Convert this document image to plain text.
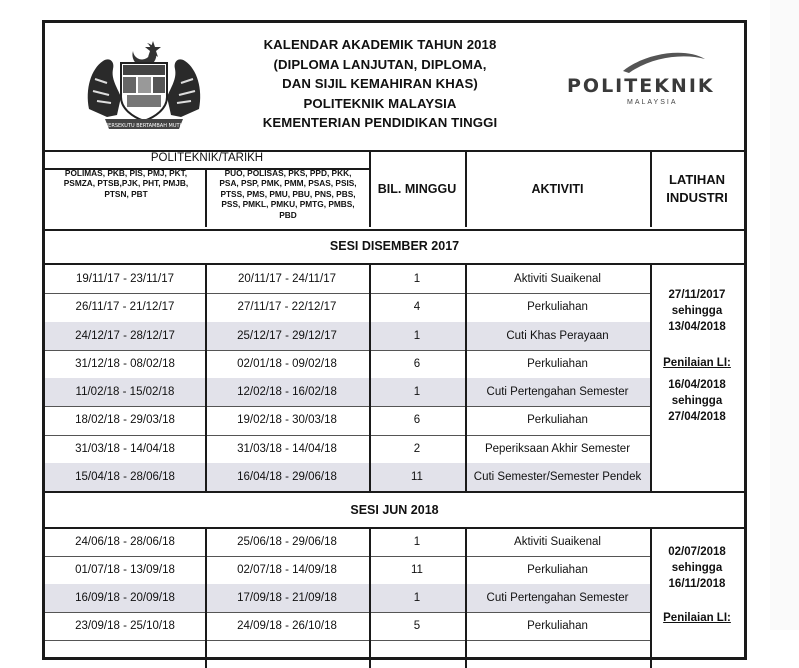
BERSEKUTU BERTAMBAH MUTU
KALENDAR AKADEMIK TAHUN 2018
(DIPLOMA LANJUTAN, DIPLOMA,
DAN SIJIL KEMAHIRAN KHAS)
POLITEKNIK MALAYSIA
KEMENTERIAN PENDIDIKAN TINGGI
POLITEKNIK
MALAYSIA
POLITEKNIK/TARIKH
POLIMAS, PKB, PIS, PMJ, PKT,
PSMZA, PTSB,PJK, PHT, PMJB,
PTSN, PBT
PUO, POLISAS, PKS, PPD, PKK,
PSA, PSP, PMK, PMM, PSAS, PSIS,
PTSS, PMS, PMU, PBU, PNS, PBS,
PSS, PMKL, PMKU, PMTG, PMBS,
PBD
BIL. MINGGU	AKTIVITI
LATIHAN
INDUSTRI
SESI DISEMBER 2017
19/11/17 - 23/11/17	20/11/17 - 24/11/17	1	Aktiviti Suaikenal
26/11/17 - 21/12/17	27/11/17 - 22/12/17	4	Perkuliahan
24/12/17 - 28/12/17	25/12/17 - 29/12/17	1	Cuti Khas Perayaan
31/12/18 - 08/02/18	02/01/18 - 09/02/18	6	Perkuliahan
11/02/18 - 15/02/18	12/02/18 - 16/02/18	1	Cuti Pertengahan Semester
18/02/18 - 29/03/18	19/02/18 - 30/03/18	6	Perkuliahan
31/03/18 - 14/04/18	31/03/18 - 14/04/18	2	Peperiksaan Akhir Semester
15/04/18 - 28/06/18	16/04/18 - 29/06/18	11	Cuti Semester/Semester Pendek
27/11/2017
sehingga
13/04/2018
Penilaian LI:
16/04/2018
sehingga
27/04/2018
SESI JUN 2018
24/06/18 - 28/06/18	25/06/18 - 29/06/18	1	Aktiviti Suaikenal
01/07/18 - 13/09/18	02/07/18 - 14/09/18	11	Perkuliahan
16/09/18 - 20/09/18	17/09/18 - 21/09/18	1	Cuti Pertengahan Semester
23/09/18 - 25/10/18	24/09/18 - 26/10/18	5	Perkuliahan
02/07/2018
sehingga
16/11/2018
Penilaian LI:
